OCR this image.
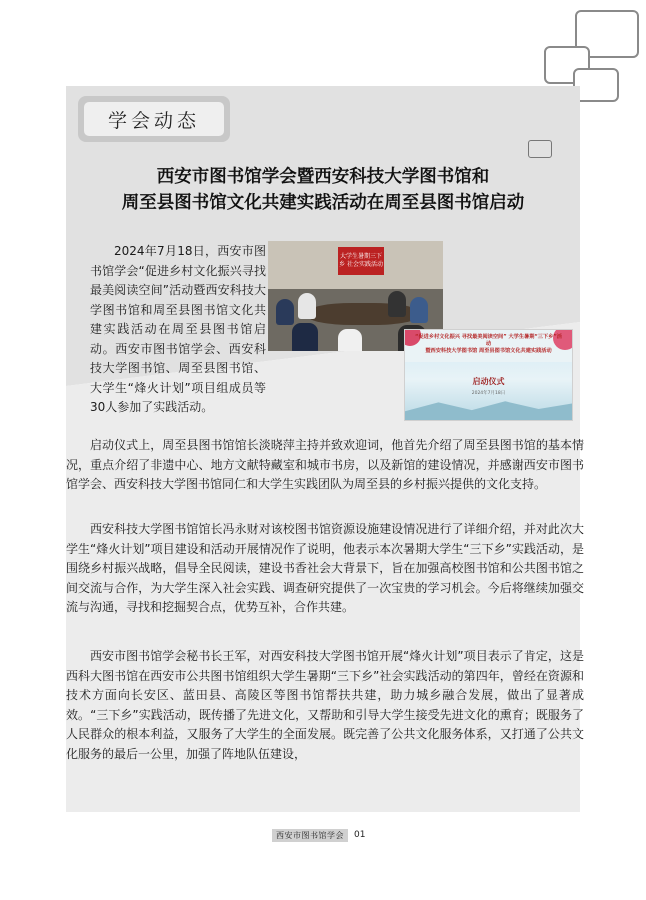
学会动态
西安市图书馆学会暨西安科技大学图书馆和
周至县图书馆文化共建实践活动在周至县图书馆启动
2024年7月18日，西安市图书馆学会“促进乡村文化振兴寻找最美阅读空间”活动暨西安科技大学图书馆和周至县图书馆文化共建实践活动在周至县图书馆启动。西安市图书馆学会、西安科技大学图书馆、周至县图书馆、大学生“烽火计划”项目组成员等30人参加了实践活动。
大学生暑期三下乡 社会实践活动
“促进乡村文化振兴 寻找最美阅读空间” 大学生暑期“三下乡”活动
暨西安科技大学图书馆 周至县图书馆文化共建实践活动
启动仪式
2024年7月18日
启动仪式上，周至县图书馆馆长淡晓萍主持并致欢迎词，他首先介绍了周至县图书馆的基本情况，重点介绍了非遗中心、地方文献特藏室和城市书房，以及新馆的建设情况，并感谢西安市图书馆学会、西安科技大学图书馆同仁和大学生实践团队为周至县的乡村振兴提供的文化支持。
西安科技大学图书馆馆长冯永财对该校图书馆资源设施建设情况进行了详细介绍，并对此次大学生“烽火计划”项目建设和活动开展情况作了说明，他表示本次暑期大学生“三下乡”实践活动，是围绕乡村振兴战略，倡导全民阅读，建设书香社会大背景下，旨在加强高校图书馆和公共图书馆之间交流与合作，为大学生深入社会实践、调查研究提供了一次宝贵的学习机会。今后将继续加强交流与沟通，寻找和挖掘契合点，优势互补，合作共建。
西安市图书馆学会秘书长王军，对西安科技大学图书馆开展“烽火计划”项目表示了肯定，这是西科大图书馆在西安市公共图书馆组织大学生暑期“三下乡”社会实践活动的第四年，曾经在资源和技术方面向长安区、蓝田县、高陵区等图书馆帮扶共建，助力城乡融合发展，做出了显著成效。“三下乡”实践活动，既传播了先进文化，又帮助和引导大学生接受先进文化的熏育；既服务了人民群众的根本利益，又服务了大学生的全面发展。既完善了公共文化服务体系，又打通了公共文化服务的最后一公里，加强了阵地队伍建设，
西安市图书馆学会	01
